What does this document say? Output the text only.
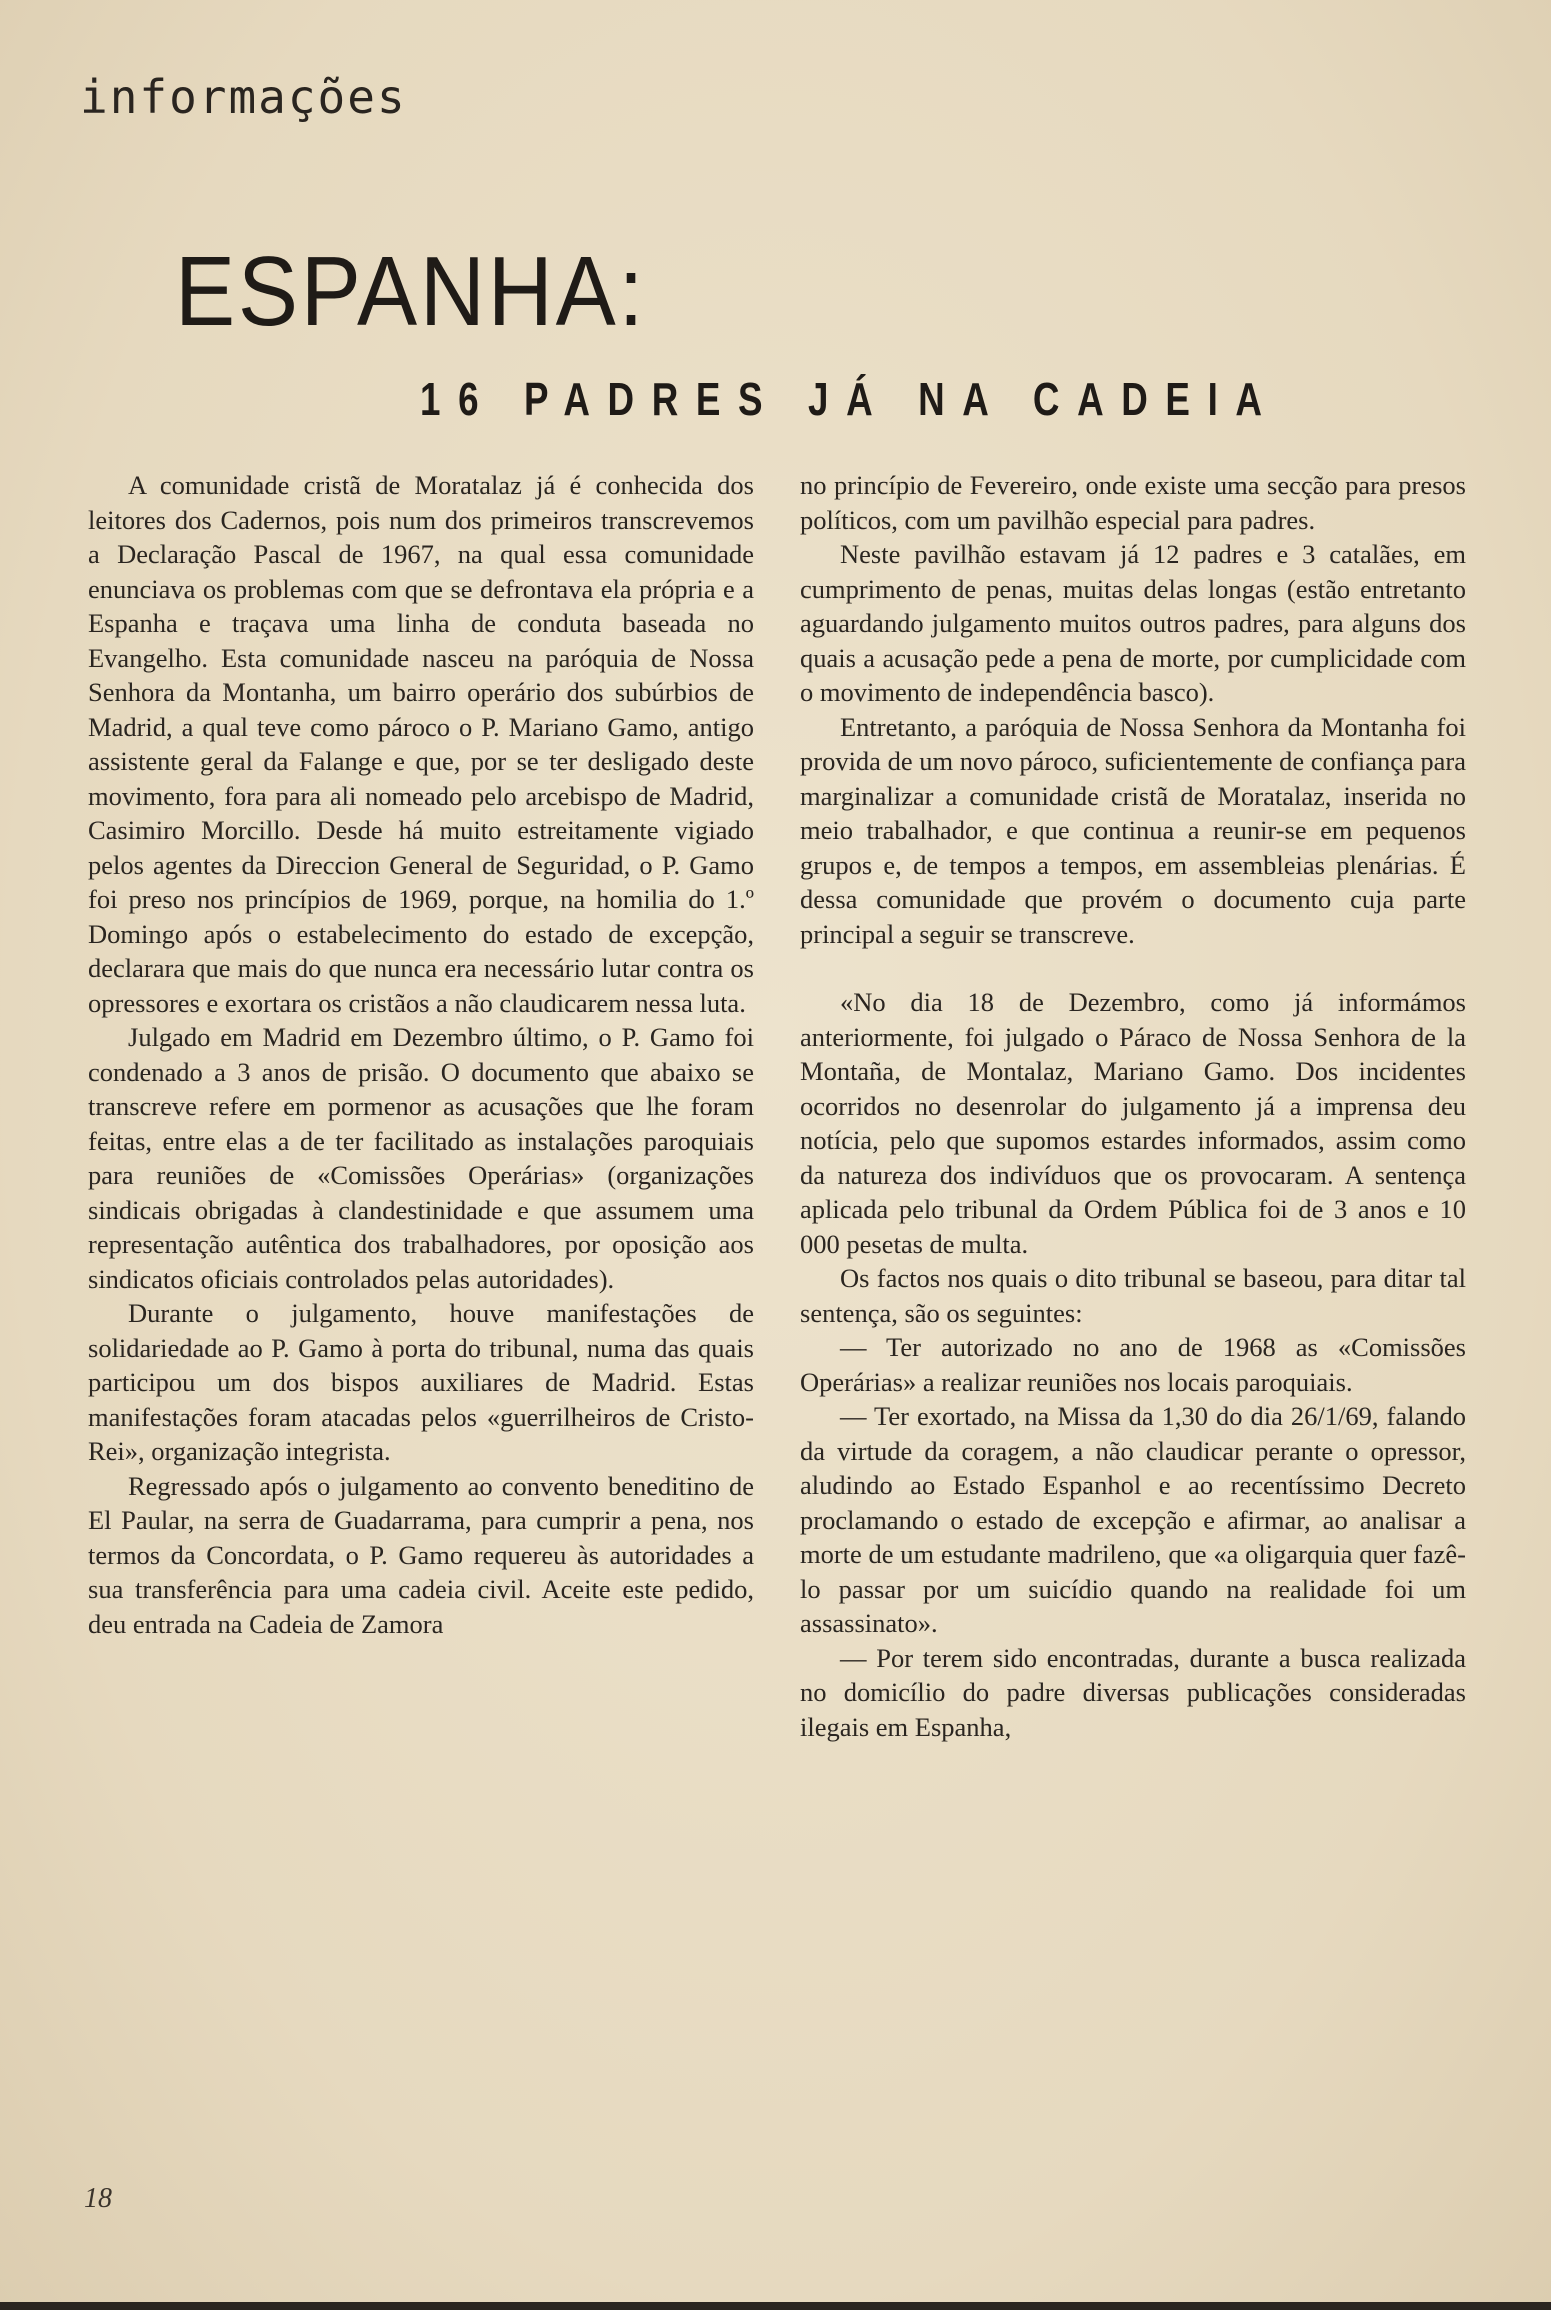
informações
ESPANHA:
16 PADRES JÁ NA CADEIA

A comunidade cristã de Moratalaz já é conhecida dos leitores dos Cadernos, pois num dos primeiros transcrevemos a Declaração Pascal de 1967, na qual essa comunidade enunciava os problemas com que se defrontava ela própria e a Espanha e traçava uma linha de conduta baseada no Evangelho. Esta comunidade nasceu na paróquia de Nossa Senhora da Montanha, um bairro operário dos subúrbios de Madrid, a qual teve como pároco o P. Mariano Gamo, antigo assistente geral da Falange e que, por se ter desligado deste movimento, fora para ali nomeado pelo arcebispo de Madrid, Casimiro Morcillo. Desde há muito estreitamente vigiado pelos agentes da Direccion General de Seguridad, o P. Gamo foi preso nos princípios de 1969, porque, na homilia do 1.º Domingo após o estabelecimento do estado de excepção, declarara que mais do que nunca era necessário lutar contra os opressores e exortara os cristãos a não claudicarem nessa luta.

Julgado em Madrid em Dezembro último, o P. Gamo foi condenado a 3 anos de prisão. O documento que abaixo se transcreve refere em pormenor as acusações que lhe foram feitas, entre elas a de ter facilitado as instalações paroquiais para reuniões de «Comissões Operárias» (organizações sindicais obrigadas à clandestinidade e que assumem uma representação autêntica dos trabalhadores, por oposição aos sindicatos oficiais controlados pelas autoridades).

Durante o julgamento, houve manifestações de solidariedade ao P. Gamo à porta do tribunal, numa das quais participou um dos bispos auxiliares de Madrid. Estas manifestações foram atacadas pelos «guerrilheiros de Cristo-Rei», organização integrista.

Regressado após o julgamento ao convento beneditino de El Paular, na serra de Guadarrama, para cumprir a pena, nos termos da Concordata, o P. Gamo requereu às autoridades a sua transferência para uma cadeia civil. Aceite este pedido, deu entrada na Cadeia de Zamora

no princípio de Fevereiro, onde existe uma secção para presos políticos, com um pavilhão especial para padres.

Neste pavilhão estavam já 12 padres e 3 catalães, em cumprimento de penas, muitas delas longas (estão entretanto aguardando julgamento muitos outros padres, para alguns dos quais a acusação pede a pena de morte, por cumplicidade com o movimento de independência basco).

Entretanto, a paróquia de Nossa Senhora da Montanha foi provida de um novo pároco, suficientemente de confiança para marginalizar a comunidade cristã de Moratalaz, inserida no meio trabalhador, e que continua a reunir-se em pequenos grupos e, de tempos a tempos, em assembleias plenárias. É dessa comunidade que provém o documento cuja parte principal a seguir se transcreve.

«No dia 18 de Dezembro, como já informámos anteriormente, foi julgado o Páraco de Nossa Senhora de la Montaña, de Montalaz, Mariano Gamo. Dos incidentes ocorridos no desenrolar do julgamento já a imprensa deu notícia, pelo que supomos estardes informados, assim como da natureza dos indivíduos que os provocaram. A sentença aplicada pelo tribunal da Ordem Pública foi de 3 anos e 10 000 pesetas de multa.

Os factos nos quais o dito tribunal se baseou, para ditar tal sentença, são os seguintes:

— Ter autorizado no ano de 1968 as «Comissões Operárias» a realizar reuniões nos locais paroquiais.

— Ter exortado, na Missa da 1,30 do dia 26/1/69, falando da virtude da coragem, a não claudicar perante o opressor, aludindo ao Estado Espanhol e ao recentíssimo Decreto proclamando o estado de excepção e afirmar, ao analisar a morte de um estudante madrileno, que «a oligarquia quer fazê-lo passar por um suicídio quando na realidade foi um assassinato».

— Por terem sido encontradas, durante a busca realizada no domicílio do padre diversas publicações consideradas ilegais em Espanha,

18
